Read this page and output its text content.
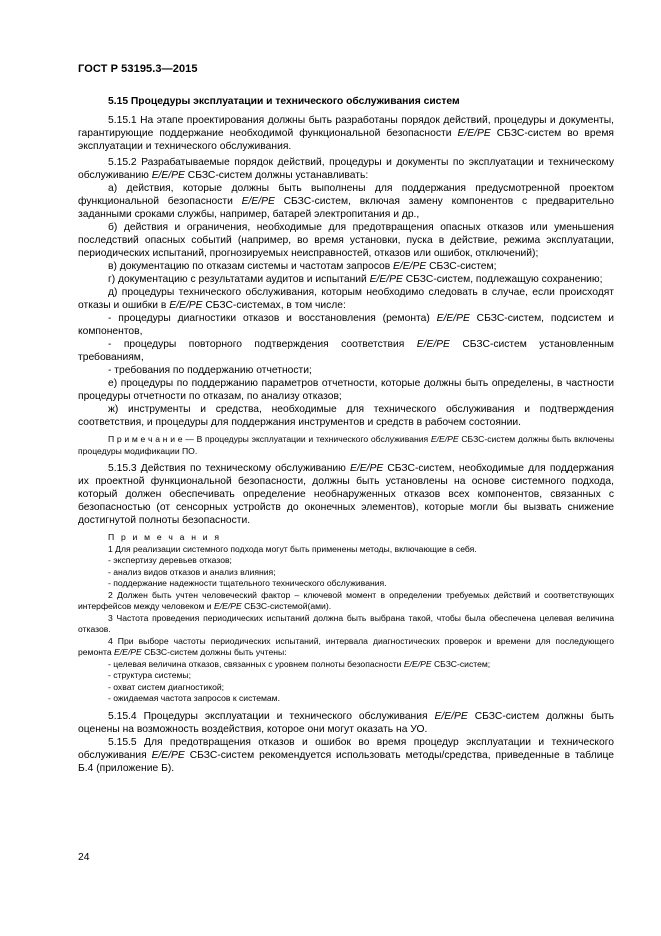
ГОСТ Р 53195.3—2015
5.15 Процедуры эксплуатации и технического обслуживания систем

5.15.1 На этапе проектирования должны быть разработаны порядок действий, процедуры и документы, гарантирующие поддержание необходимой функциональной безопасности E/E/PE СБЗС-систем во время эксплуатации и технического обслуживания.

5.15.2 Разрабатываемые порядок действий, процедуры и документы по эксплуатации и техническому обслуживанию E/E/PE СБЗС-систем должны устанавливать:

а) действия, которые должны быть выполнены для поддержания предусмотренной проектом функциональной безопасности E/E/PE СБЗС-систем, включая замену компонентов с предварительно заданными сроками службы, например, батарей электропитания и др.,

б) действия и ограничения, необходимые для предотвращения опасных отказов или уменьшения последствий опасных событий (например, во время установки, пуска в действие, режима эксплуатации, периодических испытаний, прогнозируемых неисправностей, отказов или ошибок, отключений);

в) документацию по отказам системы и частотам запросов E/E/PE СБЗС-систем;

г) документацию с результатами аудитов и испытаний E/E/PE СБЗС-систем, подлежащую сохранению;

д) процедуры технического обслуживания, которым необходимо следовать в случае, если происходят отказы и ошибки в E/E/PE СБЗС-системах, в том числе:

- процедуры диагностики отказов и восстановления (ремонта) E/E/PE СБЗС-систем, подсистем и компонентов,

- процедуры повторного подтверждения соответствия E/E/PE СБЗС-систем установленным требованиям,

- требования по поддержанию отчетности;

е) процедуры по поддержанию параметров отчетности, которые должны быть определены, в частности процедуры отчетности по отказам, по анализу отказов;

ж) инструменты и средства, необходимые для технического обслуживания и подтверждения соответствия, и процедуры для поддержания инструментов и средств в рабочем состоянии.

П р и м е ч а н и е — В процедуры эксплуатации и технического обслуживания E/E/PE СБЗС-систем должны быть включены процедуры модификации ПО.

5.15.3 Действия по техническому обслуживанию E/E/PE СБЗС-систем, необходимые для поддержания их проектной функциональной безопасности, должны быть установлены на основе системного подхода, который должен обеспечивать определение необнаруженных отказов всех компонентов, связанных с безопасностью (от сенсорных устройств до оконечных элементов), которые могли бы вызвать снижение достигнутой полноты безопасности.

П р и м е ч а н и я

1 Для реализации системного подхода могут быть применены методы, включающие в себя.

- экспертизу деревьев отказов;

- анализ видов отказов и анализ влияния;

- поддержание надежности тщательного технического обслуживания.

2 Должен быть учтен человеческий фактор – ключевой момент в определении требуемых действий и соответствующих интерфейсов между человеком и E/E/PE СБЗС-системой(ами).

3 Частота проведения периодических испытаний должна быть выбрана такой, чтобы была обеспечена целевая величина отказов.

4 При выборе частоты периодических испытаний, интервала диагностических проверок и времени для последующего ремонта E/E/PE СБЗС-систем должны быть учтены:

- целевая величина отказов, связанных с уровнем полноты безопасности E/E/PE СБЗС-систем;

- структура системы;

- охват систем диагностикой;

- ожидаемая частота запросов к системам.

5.15.4 Процедуры эксплуатации и технического обслуживания E/E/PE СБЗС-систем должны быть оценены на возможность воздействия, которое они могут оказать на УО.

5.15.5 Для предотвращения отказов и ошибок во время процедур эксплуатации и технического обслуживания E/E/PE СБЗС-систем рекомендуется использовать методы/средства, приведенные в таблице Б.4 (приложение Б).

24
